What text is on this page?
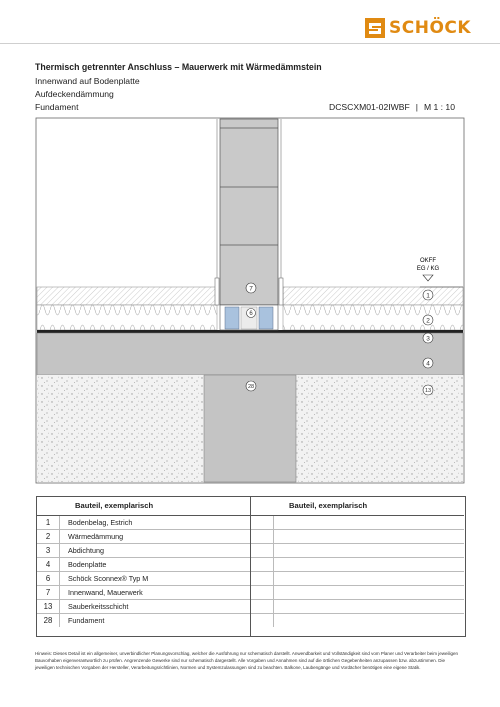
SCHÖCK
Thermisch getrennter Anschluss – Mauerwerk mit Wärmedämmstein
Innenwand auf Bodenplatte
Aufdeckendämmung
Fundament	DCSCXM01-02IWBF | M 1 : 10
OKFF
EG / KG
1
2
3
4
13
7
6
28
Bauteil, exemplarisch
1	Bodenbelag, Estrich
2	Wärmedämmung
3	Abdichtung
4	Bodenplatte
6	Schöck Sconnex® Typ M
7	Innenwand, Mauerwerk
13	Sauberkeitsschicht
28	Fundament
Bauteil, exemplarisch
Hinweis: Dieses Detail ist ein allgemeiner, unverbindlicher Planungsvorschlag, welcher die Ausführung nur schematisch darstellt. Anwendbarkeit und Vollständigkeit sind vom Planer und Verarbeiter beim jeweiligen Bauvorhaben eigenverantwortlich zu prüfen. Angrenzende Gewerke sind nur schematisch dargestellt. Alle Vorgaben und Annahmen sind auf die örtlichen Gegebenheiten anzupassen bzw. abzustimmen. Die jeweiligen technischen Vorgaben der Hersteller, Verarbeitungsrichtlinien, Normen und Systemzulassungen sind zu beachten. Balkone, Laubengänge und Vordächer benötigen eine eigene Statik.
